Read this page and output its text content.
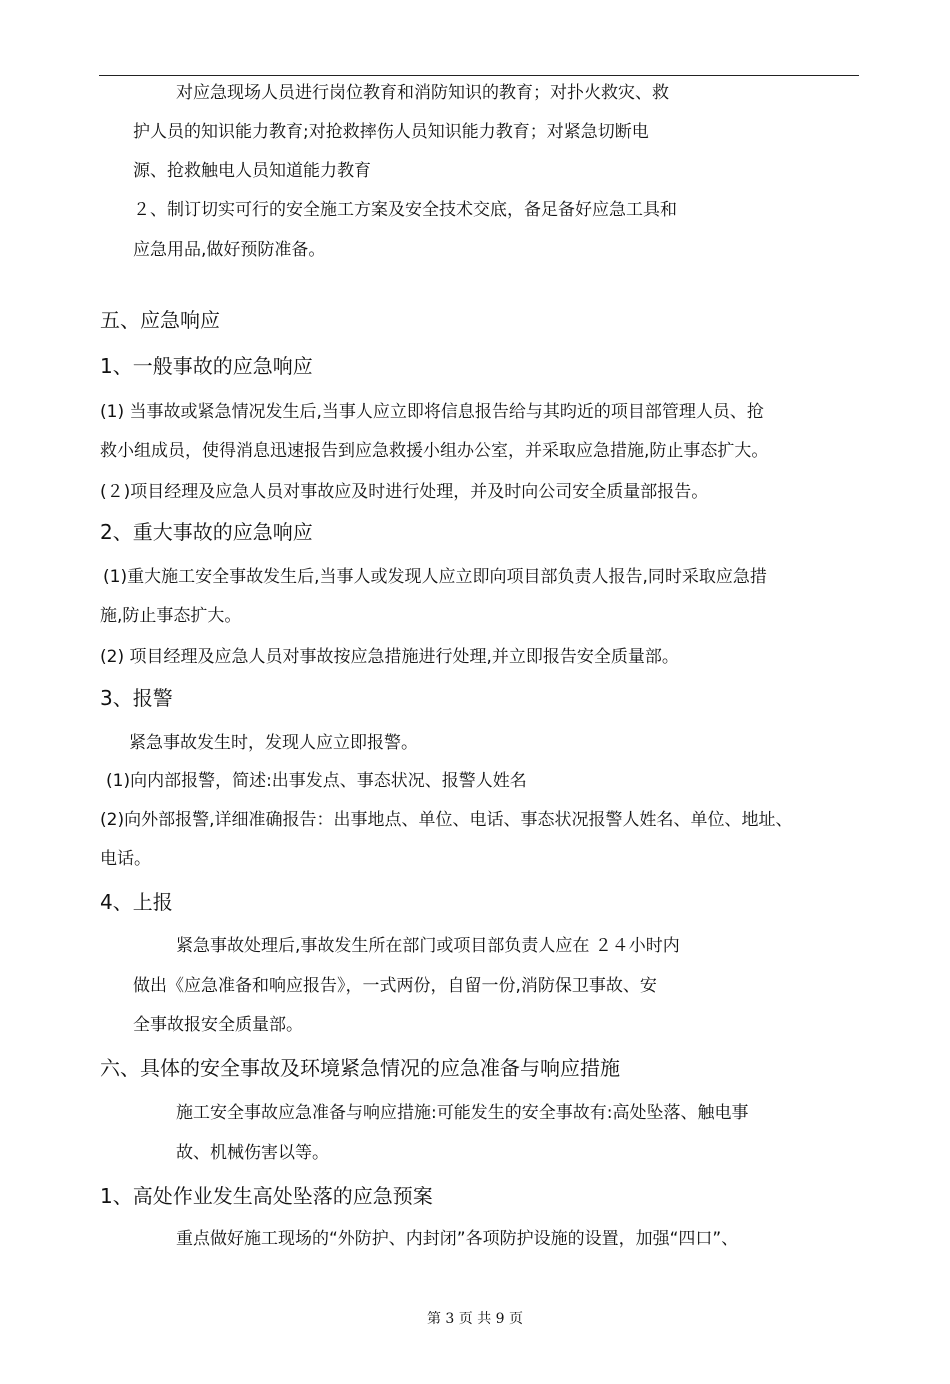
对应急现场人员进行岗位教育和消防知识的教育；对扑火救灾、救
护人员的知识能力教育;对抢救摔伤人员知识能力教育；对紧急切断电
源、抢救触电人员知道能力教育
２、制订切实可行的安全施工方案及安全技术交底，备足备好应急工具和
应急用品,做好预防准备。
五、应急响应
1、一般事故的应急响应
(1) 当事故或紧急情况发生后,当事人应立即将信息报告给与其昀近的项目部管理人员、抢
救小组成员，使得消息迅速报告到应急救援小组办公室，并采取应急措施,防止事态扩大。
(２)项目经理及应急人员对事故应及时进行处理，并及时向公司安全质量部报告。
2、重大事故的应急响应
(1)重大施工安全事故发生后,当事人或发现人应立即向项目部负责人报告,同时采取应急措
施,防止事态扩大。
(2) 项目经理及应急人员对事故按应急措施进行处理,并立即报告安全质量部。
3、报警
紧急事故发生时，发现人应立即报警。
(1)向内部报警，简述:出事发点、事态状况、报警人姓名
(2)向外部报警,详细准确报告：出事地点、单位、电话、事态状况报警人姓名、单位、地址、
电话。
4、上报
紧急事故处理后,事故发生所在部门或项目部负责人应在 ２４小时内
做出《应急准备和响应报告》，一式两份，自留一份,消防保卫事故、安
全事故报安全质量部。
六、具体的安全事故及环境紧急情况的应急准备与响应措施
施工安全事故应急准备与响应措施:可能发生的安全事故有:高处坠落、触电事
故、机械伤害以等。
1、高处作业发生高处坠落的应急预案
重点做好施工现场的“外防护、内封闭”各项防护设施的设置，加强“四口”、
第 3 页 共 9 页
